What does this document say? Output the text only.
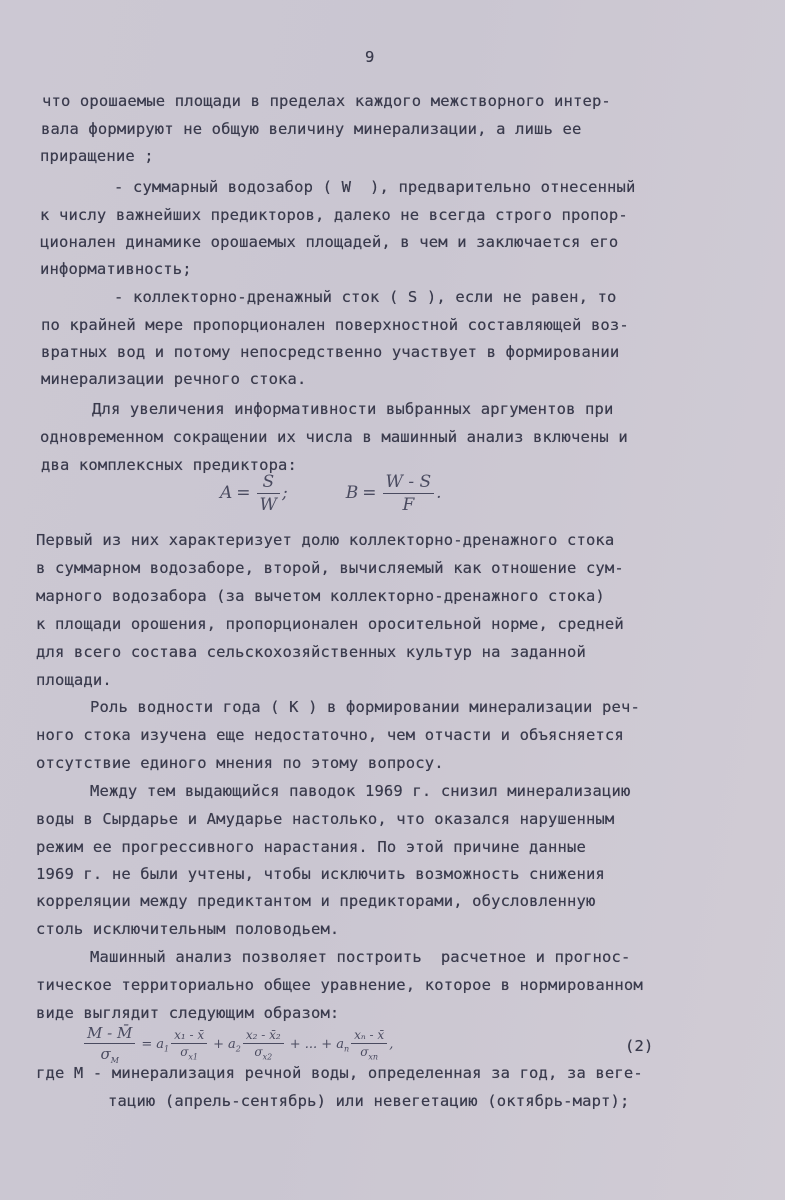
9
что орошаемые площади в пределах каждого межстворного интер-
вала формируют не общую величину минерализации, а лишь ее
приращение ;
- суммарный водозабор ( W  ), предварительно отнесенный
к числу важнейших предикторов, далеко не всегда строго пропор-
ционален динамике орошаемых площадей, в чем и заключается его
информативность;
- коллекторно-дренажный сток ( S ), если не равен, то
по крайней мере пропорционален поверхностной составляющей воз-
вратных вод и потому непосредственно участвует в формировании
минерализации речного стока.
Для увеличения информативности выбранных аргументов при
одновременном сокращении их числа в машинный анализ включены и
два комплексных предиктора:
$A = \frac{S}{W}$ ;	$B = \frac{W - S}{F}$ .
Первый из них характеризует долю коллекторно-дренажного стока
в суммарном водозаборе, второй, вычисляемый как отношение сум-
марного водозабора (за вычетом коллекторно-дренажного стока)
к площади орошения, пропорционален оросительной норме, средней
для всего состава сельскохозяйственных культур на заданной
площади.
Роль водности года ( К ) в формировании минерализации реч-
ного стока изучена еще недостаточно, чем отчасти и объясняется
отсутствие единого мнения по этому вопросу.
Между тем выдающийся паводок 1969 г. снизил минерализацию
воды в Сырдарье и Амударье настолько, что оказался нарушенным
режим ее прогрессивного нарастания. По этой причине данные
1969 г. не были учтены, чтобы исключить возможность снижения
корреляции между предиктантом и предикторами, обусловленную
столь исключительным половодьем.
Машинный анализ позволяет построить  расчетное и прогнос-
тическое территориально общее уравнение, которое в нормированном
виде выглядит следующим образом:
$\frac{M - M̄}{\sigma_M} = a_1 \frac{\text{x₁ - x̄}}{\sigma_{x1}} + a_2 \frac{\text{x₂ - x̄₂}}{\sigma_{x2}}$ + ... + $a_n \frac{\text{xₙ - x̄}}{\sigma_{xn}}$ ,	(2)
где М - минерализация речной воды, определенная за год, за веге-
тацию (апрель-сентябрь) или невегетацию (октябрь-март);
